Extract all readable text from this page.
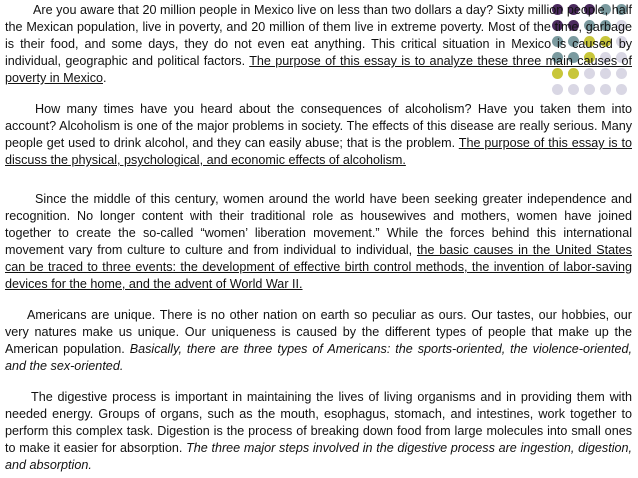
Are you aware that 20 million people in Mexico live on less than two dollars a day? Sixty million people, half the Mexican population, live in poverty, and 20 million of them live in extreme poverty. Most of the time, garbage is their food, and some days, they do not even eat anything. This critical situation in Mexico is caused by individual, geographic and political factors. The purpose of this essay is to analyze these three main causes of poverty in Mexico.

How many times have you heard about the consequences of alcoholism? Have you taken them into account? Alcoholism is one of the major problems in society. The effects of this disease are really serious. Many people get used to drink alcohol, and they can easily abuse; that is the problem. The purpose of this essay is to discuss the physical, psychological, and economic effects of alcoholism.

Since the middle of this century, women around the world have been seeking greater independence and recognition. No longer content with their traditional role as housewives and mothers, women have joined together to create the so-called “women’ liberation movement.” While the forces behind this international movement vary from culture to culture and from individual to individual, the basic causes in the United States can be traced to three events: the development of effective birth control methods, the invention of labor-saving devices for the home, and the advent of World War II.

Americans are unique. There is no other nation on earth so peculiar as ours. Our tastes, our hobbies, our very natures make us unique. Our uniqueness is caused by the different types of people that make up the American population. Basically, there are three types of Americans: the sports-oriented, the violence-oriented, and the sex-oriented.

The digestive process is important in maintaining the lives of living organisms and in providing them with needed energy. Groups of organs, such as the mouth, esophagus, stomach, and intestines, work together to perform this complex task. Digestion is the process of breaking down food from large molecules into small ones to make it easier for absorption. The three major steps involved in the digestive process are ingestion, digestion, and absorption.
